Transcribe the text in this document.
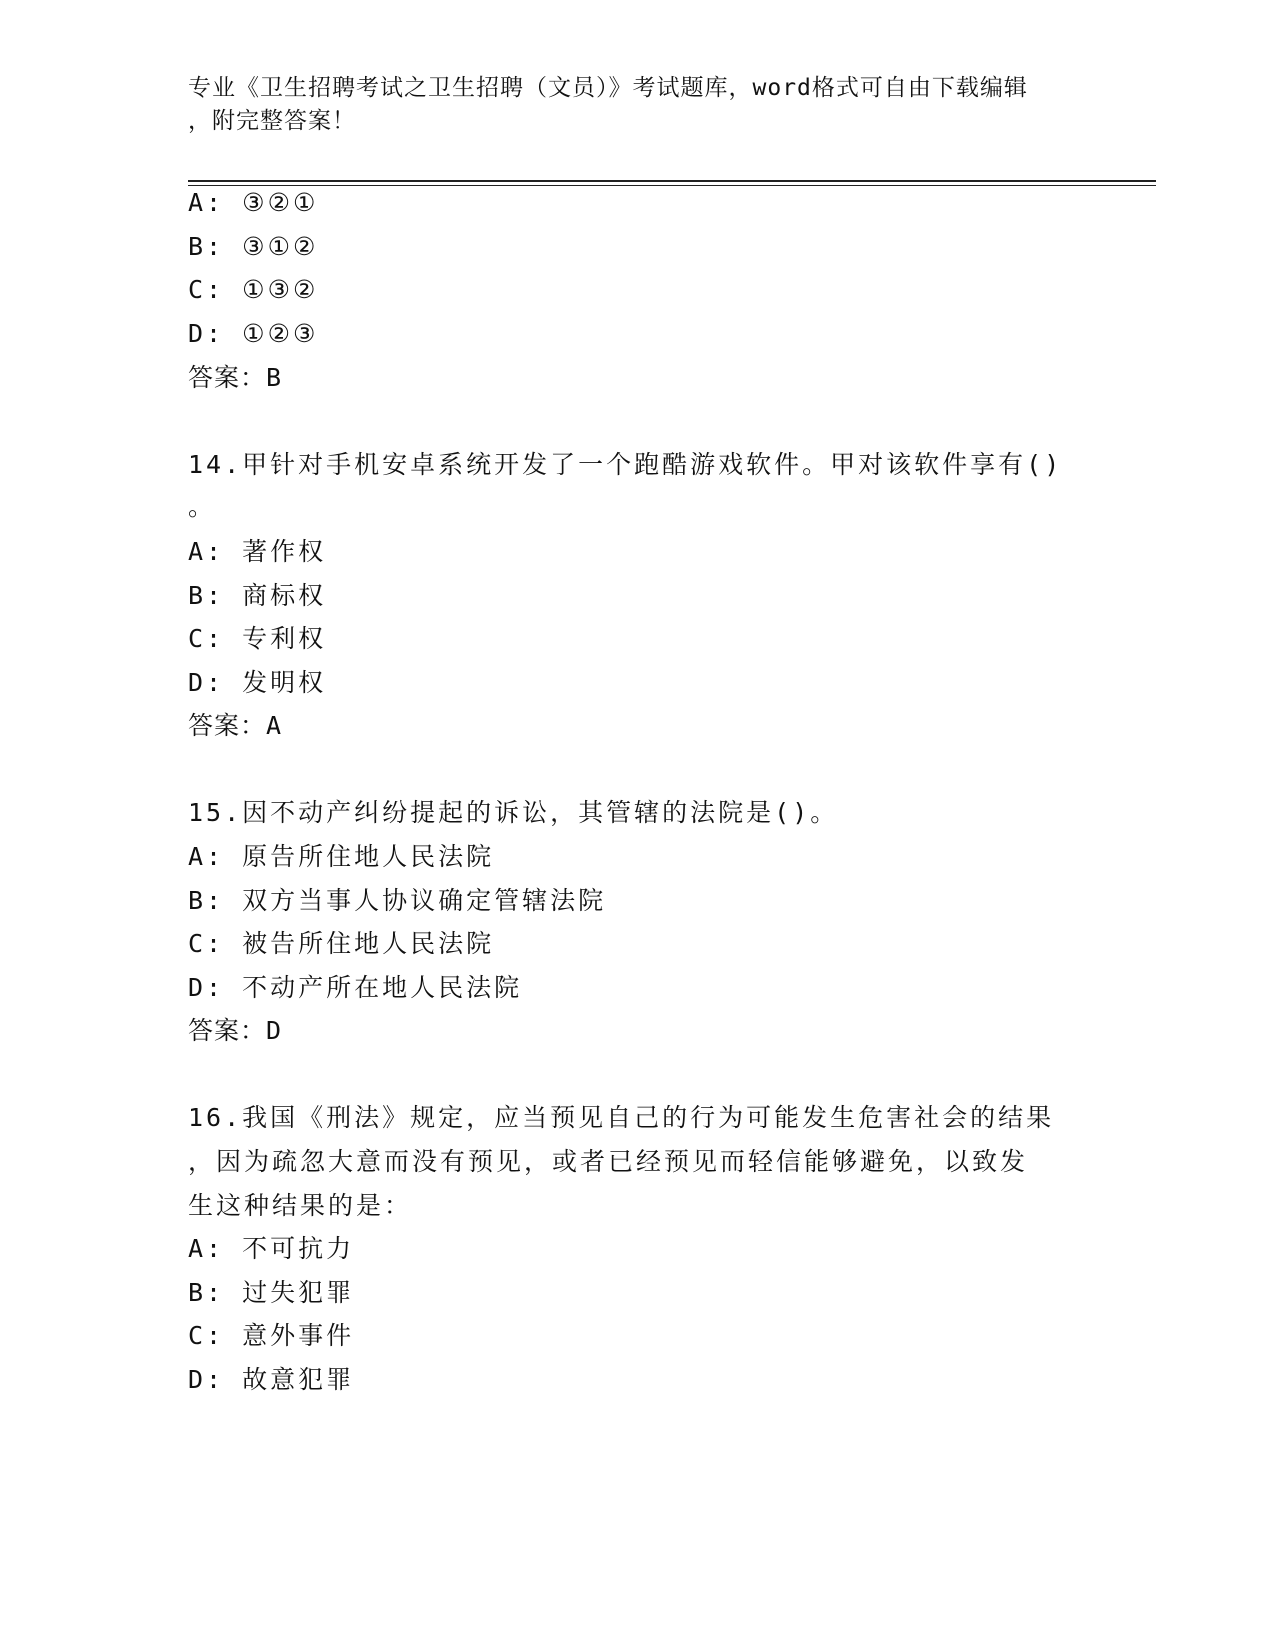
专业《卫生招聘考试之卫生招聘（文员）》考试题库，word格式可自由下载编辑
，附完整答案！
A: ③②①
B: ③①②
C: ①③②
D: ①②③
答案：B
14.甲针对手机安卓系统开发了一个跑酷游戏软件。甲对该软件享有()
。
A: 著作权
B: 商标权
C: 专利权
D: 发明权
答案：A
15.因不动产纠纷提起的诉讼，其管辖的法院是()。
A: 原告所住地人民法院
B: 双方当事人协议确定管辖法院
C: 被告所住地人民法院
D: 不动产所在地人民法院
答案：D
16.我国《刑法》规定，应当预见自己的行为可能发生危害社会的结果
，因为疏忽大意而没有预见，或者已经预见而轻信能够避免，以致发
生这种结果的是：
A: 不可抗力
B: 过失犯罪
C: 意外事件
D: 故意犯罪
